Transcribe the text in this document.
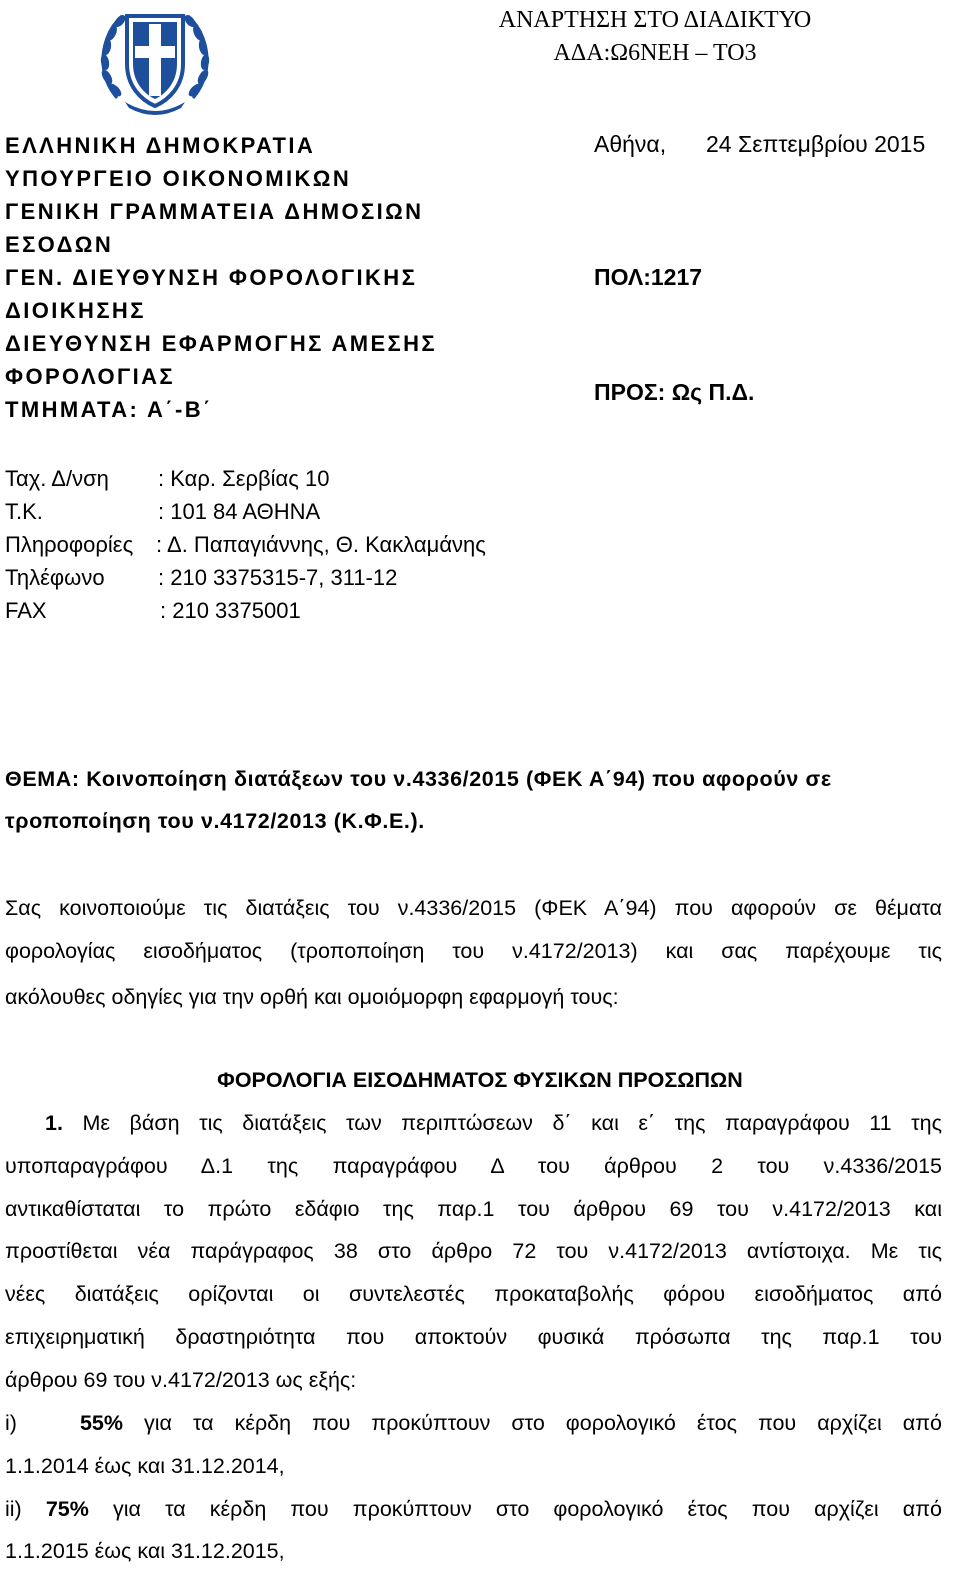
ΑΝΑΡΤΗΣΗ ΣΤΟ ΔΙΑΔΙΚΤΥΟ
ΑΔΑ:Ω6ΝΕΗ – ΤΟ3
ΕΛΛΗΝΙΚΗ ΔΗΜΟΚΡΑΤΙΑ
ΥΠΟΥΡΓΕΙΟ ΟΙΚΟΝΟΜΙΚΩΝ
ΓΕΝΙΚΗ ΓΡΑΜΜΑΤΕΙΑ ΔΗΜΟΣΙΩΝ
ΕΣΟΔΩΝ
ΓΕΝ. ΔΙΕΥΘΥΝΣΗ ΦΟΡΟΛΟΓΙΚΗΣ
ΔΙΟΙΚΗΣΗΣ
ΔΙΕΥΘΥΝΣΗ ΕΦΑΡΜΟΓΗΣ ΑΜΕΣΗΣ
ΦΟΡΟΛΟΓΙΑΣ
ΤΜΗΜΑΤΑ: Α΄-Β΄
Αθήνα, 24 Σεπτεμβρίου 2015
ΠΟΛ:1217
ΠΡΟΣ: Ως Π.Δ.
Ταχ. Δ/νση : Καρ. Σερβίας 10
Τ.Κ.	: 101 84 ΑΘΗΝΑ
Πληροφορίες : Δ. Παπαγιάννης, Θ. Κακλαμάνης
Τηλέφωνο : 210 3375315-7, 311-12
FAX	: 210 3375001
ΘΕΜΑ: Κοινοποίηση διατάξεων του ν.4336/2015 (ΦΕΚ Α΄94) που αφορούν σε
τροποποίηση του ν.4172/2013 (Κ.Φ.Ε.).
Σας κοινοποιούμε τις διατάξεις του ν.4336/2015 (ΦΕΚ Α΄94) που αφορούν σε θέματα
φορολογίας εισοδήματος (τροποποίηση του ν.4172/2013) και σας παρέχουμε τις
ακόλουθες οδηγίες για την ορθή και ομοιόμορφη εφαρμογή τους:
ΦΟΡΟΛΟΓΙΑ ΕΙΣΟΔΗΜΑΤΟΣ ΦΥΣΙΚΩΝ ΠΡΟΣΩΠΩΝ
1. Με βάση τις διατάξεις των περιπτώσεων δ΄ και ε΄ της παραγράφου 11 της
υποπαραγράφου Δ.1 της παραγράφου Δ του άρθρου 2 του ν.4336/2015
αντικαθίσταται το πρώτο εδάφιο της παρ.1 του άρθρου 69 του ν.4172/2013 και
προστίθεται νέα παράγραφος 38 στο άρθρο 72 του ν.4172/2013 αντίστοιχα. Με τις
νέες διατάξεις ορίζονται οι συντελεστές προκαταβολής φόρου εισοδήματος από
επιχειρηματική δραστηριότητα που αποκτούν φυσικά πρόσωπα της παρ.1 του
άρθρου 69 του ν.4172/2013 ως εξής:
i)	55% για τα κέρδη που προκύπτουν στο φορολογικό έτος που αρχίζει από
1.1.2014 έως και 31.12.2014,
ii) 75% για τα κέρδη που προκύπτουν στο φορολογικό έτος που αρχίζει από
1.1.2015 έως και 31.12.2015,
